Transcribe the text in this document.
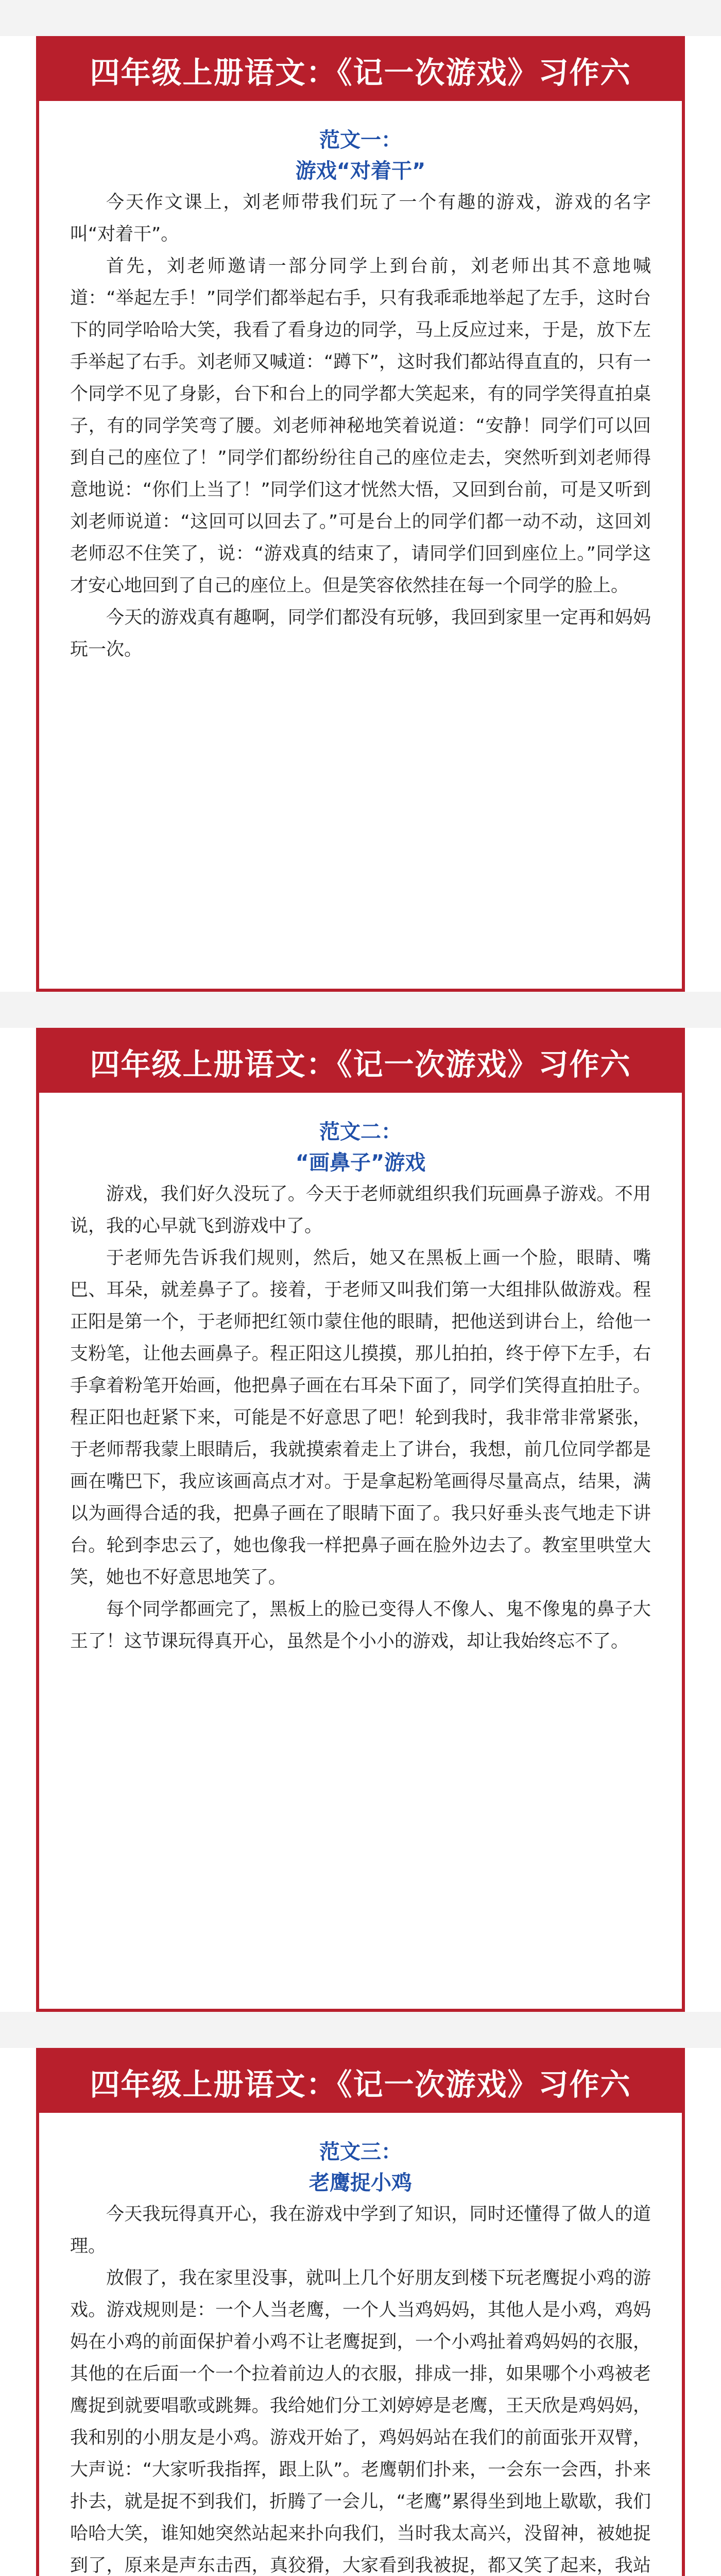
四年级上册语文：《记一次游戏》习作六

范文一：

游戏“对着干”

今天作文课上，刘老师带我们玩了一个有趣的游戏，游戏的名字叫“对着干”。

首先，刘老师邀请一部分同学上到台前，刘老师出其不意地喊道：“举起左手！”同学们都举起右手，只有我乖乖地举起了左手，这时台下的同学哈哈大笑，我看了看身边的同学，马上反应过来，于是，放下左手举起了右手。刘老师又喊道：“蹲下”，这时我们都站得直直的，只有一个同学不见了身影，台下和台上的同学都大笑起来，有的同学笑得直拍桌子，有的同学笑弯了腰。刘老师神秘地笑着说道：“安静！同学们可以回到自己的座位了！”同学们都纷纷往自己的座位走去，突然听到刘老师得意地说：“你们上当了！”同学们这才恍然大悟，又回到台前，可是又听到刘老师说道：“这回可以回去了。”可是台上的同学们都一动不动，这回刘老师忍不住笑了，说：“游戏真的结束了，请同学们回到座位上。”同学这才安心地回到了自己的座位上。但是笑容依然挂在每一个同学的脸上。

今天的游戏真有趣啊，同学们都没有玩够，我回到家里一定再和妈妈玩一次。

四年级上册语文：《记一次游戏》习作六

范文二：

“画鼻子”游戏

游戏，我们好久没玩了。今天于老师就组织我们玩画鼻子游戏。不用说，我的心早就飞到游戏中了。

于老师先告诉我们规则，然后，她又在黑板上画一个脸，眼睛、嘴巴、耳朵，就差鼻子了。接着，于老师又叫我们第一大组排队做游戏。程正阳是第一个，于老师把红领巾蒙住他的眼睛，把他送到讲台上，给他一支粉笔，让他去画鼻子。程正阳这儿摸摸，那儿拍拍，终于停下左手，右手拿着粉笔开始画，他把鼻子画在右耳朵下面了，同学们笑得直拍肚子。程正阳也赶紧下来，可能是不好意思了吧！轮到我时，我非常非常紧张，于老师帮我蒙上眼睛后，我就摸索着走上了讲台，我想，前几位同学都是画在嘴巴下，我应该画高点才对。于是拿起粉笔画得尽量高点，结果，满以为画得合适的我，把鼻子画在了眼睛下面了。我只好垂头丧气地走下讲台。轮到李忠云了，她也像我一样把鼻子画在脸外边去了。教室里哄堂大笑，她也不好意思地笑了。

每个同学都画完了，黑板上的脸已变得人不像人、鬼不像鬼的鼻子大王了！这节课玩得真开心，虽然是个小小的游戏，却让我始终忘不了。

四年级上册语文：《记一次游戏》习作六

范文三：

老鹰捉小鸡

今天我玩得真开心，我在游戏中学到了知识，同时还懂得了做人的道理。

放假了，我在家里没事，就叫上几个好朋友到楼下玩老鹰捉小鸡的游戏。游戏规则是：一个人当老鹰，一个人当鸡妈妈，其他人是小鸡，鸡妈妈在小鸡的前面保护着小鸡不让老鹰捉到，一个小鸡扯着鸡妈妈的衣服，其他的在后面一个一个拉着前边人的衣服，排成一排，如果哪个小鸡被老鹰捉到就要唱歌或跳舞。我给她们分工刘婷婷是老鹰，王天欣是鸡妈妈，我和别的小朋友是小鸡。游戏开始了，鸡妈妈站在我们的前面张开双臂，大声说：“大家听我指挥，跟上队”。老鹰朝们扑来，一会东一会西，扑来扑去，就是捉不到我们，折腾了一会儿，“老鹰”累得坐到地上歇歇，我们哈哈大笑，谁知她突然站起来扑向我们，当时我太高兴，没留神，被她捉到了，原来是声东击西，真狡猾，大家看到我被捉，都又笑了起来，我站
